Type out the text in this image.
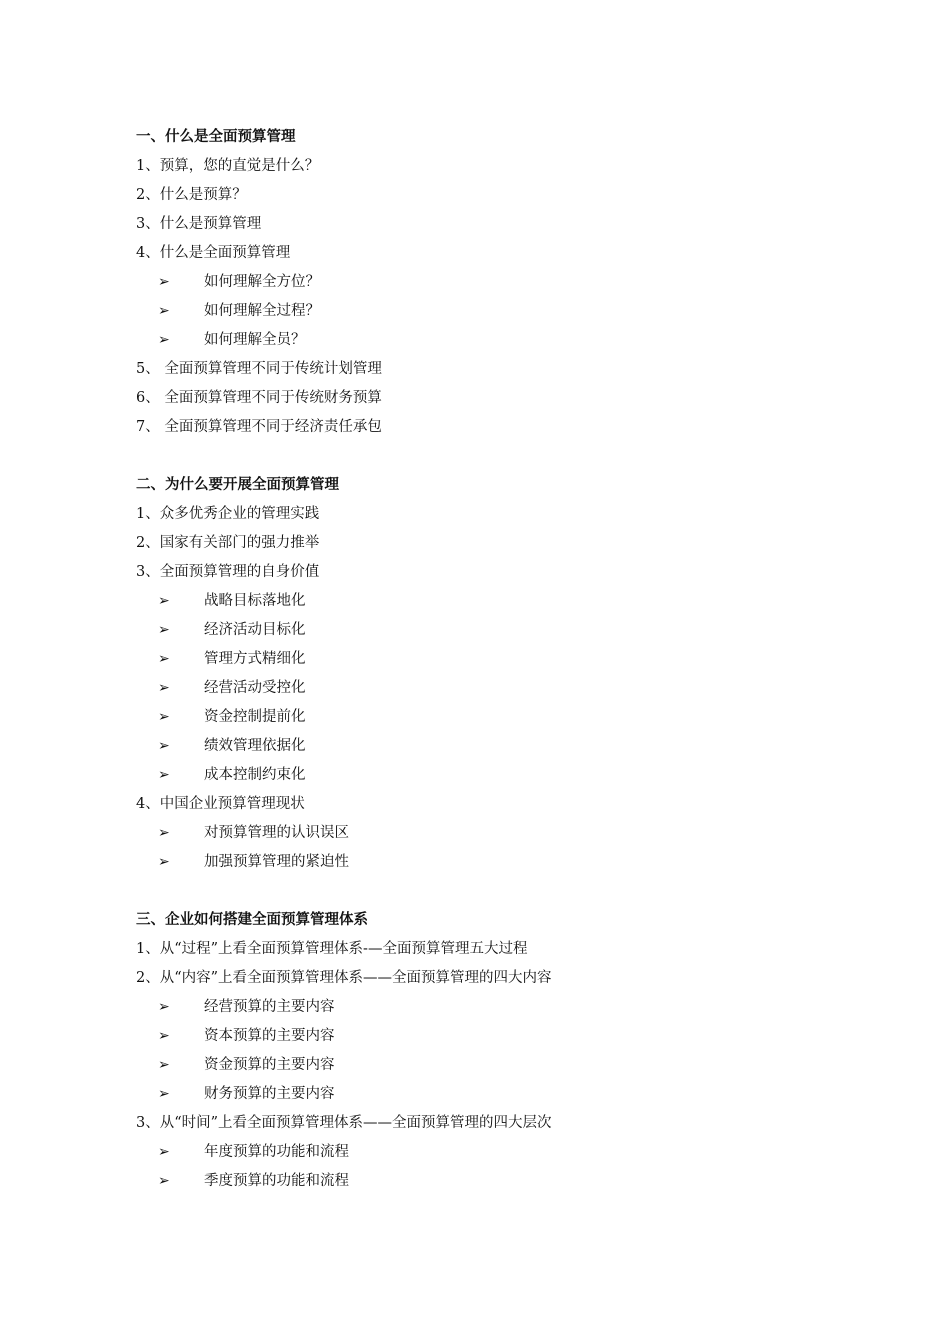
一、什么是全面预算管理
1、预算，您的直觉是什么？
2、什么是预算？
3、什么是预算管理
4、什么是全面预算管理
➢ 如何理解全方位？
➢ 如何理解全过程？
➢ 如何理解全员？
5、 全面预算管理不同于传统计划管理
6、 全面预算管理不同于传统财务预算
7、 全面预算管理不同于经济责任承包
二、为什么要开展全面预算管理
1、众多优秀企业的管理实践
2、国家有关部门的强力推举
3、全面预算管理的自身价值
➢ 战略目标落地化
➢ 经济活动目标化
➢ 管理方式精细化
➢ 经营活动受控化
➢ 资金控制提前化
➢ 绩效管理依据化
➢ 成本控制约束化
4、中国企业预算管理现状
➢ 对预算管理的认识误区
➢ 加强预算管理的紧迫性
三、企业如何搭建全面预算管理体系
1、从“过程”上看全面预算管理体系-—全面预算管理五大过程
2、从“内容”上看全面预算管理体系——全面预算管理的四大内容
➢ 经营预算的主要内容
➢ 资本预算的主要内容
➢ 资金预算的主要内容
➢ 财务预算的主要内容
3、从“时间”上看全面预算管理体系——全面预算管理的四大层次
➢ 年度预算的功能和流程
➢ 季度预算的功能和流程
